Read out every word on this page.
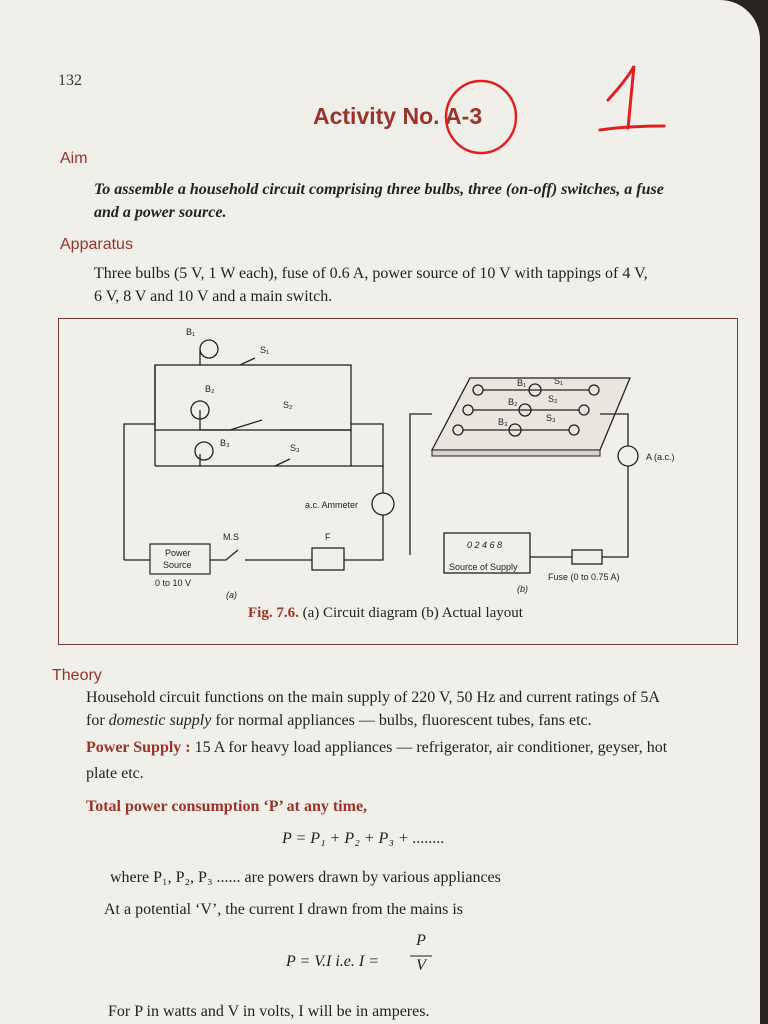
132
Activity No. A-3
Aim
To assemble a household circuit comprising three bulbs, three (on-off) switches, a fuse
and a power source.
Apparatus
Three bulbs (5 V, 1 W each), fuse of 0.6 A, power source of 10 V with tappings of 4 V,
6 V, 8 V and 10 V and a main switch.
B₁
S₁
B₂
S₂
B₃	S₃
a.c. Ammeter
M.S	F
Power
Source
0 to 10 V
(a)
B₁	S₁
B₂	S₂
B₃	S₃
A (a.c.)
0 2 4 6 8
Source of Supply
Fuse (0 to 0.75 A)
(b)
Fig. 7.6. (a) Circuit diagram (b) Actual layout
Theory
Household circuit functions on the main supply of 220 V, 50 Hz and current ratings of 5A
for domestic supply for normal appliances — bulbs, fluorescent tubes, fans etc.
Power Supply : 15 A for heavy load appliances — refrigerator, air conditioner, geyser, hot
plate etc.
Total power consumption ‘P’ at any time,
P = P₁ + P₂ + P₃ + ........
where P₁, P₂, P₃ ...... are powers drawn by various appliances
At a potential ‘V’, the current I drawn from the mains is
P = V.I i.e. I =
P
V
For P in watts and V in volts, I will be in amperes.
